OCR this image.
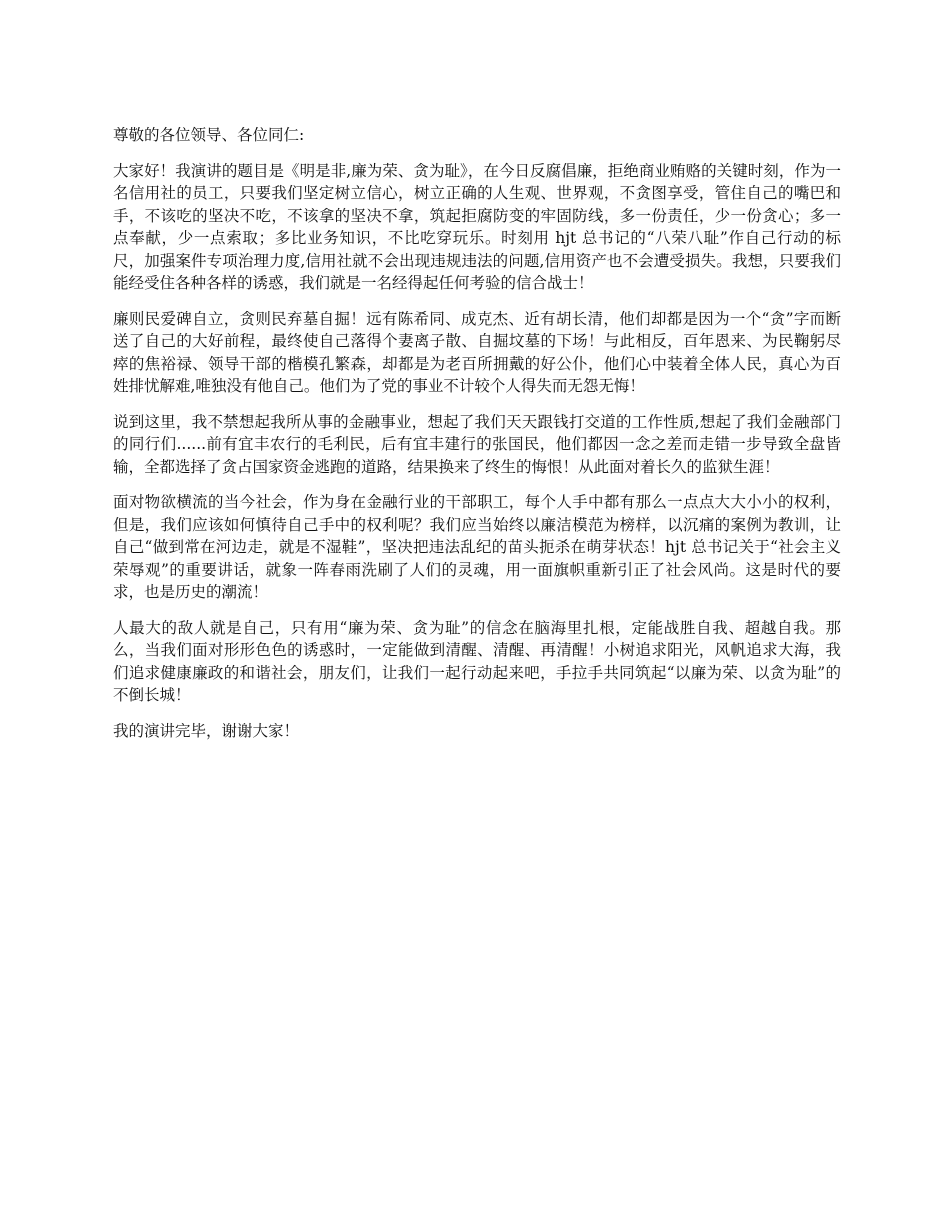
尊敬的各位领导、各位同仁:

大家好！我演讲的题目是《明是非,廉为荣、贪为耻》，在今日反腐倡廉，拒绝商业贿赂的关键时刻，作为一名信用社的员工，只要我们坚定树立信心，树立正确的人生观、世界观，不贪图享受，管住自己的嘴巴和手，不该吃的坚决不吃，不该拿的坚决不拿，筑起拒腐防变的牢固防线，多一份责任，少一份贪心；多一点奉献，少一点索取；多比业务知识，不比吃穿玩乐。时刻用 hjt 总书记的“八荣八耻”作自己行动的标尺，加强案件专项治理力度,信用社就不会出现违规违法的问题,信用资产也不会遭受损失。我想，只要我们能经受住各种各样的诱惑，我们就是一名经得起任何考验的信合战士！

廉则民爱碑自立，贪则民弃墓自掘！远有陈希同、成克杰、近有胡长清，他们却都是因为一个“贪”字而断送了自己的大好前程，最终使自己落得个妻离子散、自掘坟墓的下场！与此相反，百年恩来、为民鞠躬尽瘁的焦裕禄、领导干部的楷模孔繁森，却都是为老百所拥戴的好公仆，他们心中装着全体人民，真心为百姓排忧解难,唯独没有他自己。他们为了党的事业不计较个人得失而无怨无悔！

说到这里，我不禁想起我所从事的金融事业，想起了我们天天跟钱打交道的工作性质,想起了我们金融部门的同行们......前有宜丰农行的毛利民，后有宜丰建行的张国民，他们都因一念之差而走错一步导致全盘皆输，全都选择了贪占国家资金逃跑的道路，结果换来了终生的悔恨！从此面对着长久的监狱生涯！

面对物欲横流的当今社会，作为身在金融行业的干部职工，每个人手中都有那么一点点大大小小的权利，但是，我们应该如何慎待自己手中的权利呢？我们应当始终以廉洁模范为榜样，以沉痛的案例为教训，让自己“做到常在河边走，就是不湿鞋”，坚决把违法乱纪的苗头扼杀在萌芽状态！hjt 总书记关于“社会主义荣辱观”的重要讲话，就象一阵春雨洗刷了人们的灵魂，用一面旗帜重新引正了社会风尚。这是时代的要求，也是历史的潮流！

人最大的敌人就是自己，只有用“廉为荣、贪为耻”的信念在脑海里扎根，定能战胜自我、超越自我。那么，当我们面对形形色色的诱惑时，一定能做到清醒、清醒、再清醒！小树追求阳光，风帆追求大海，我们追求健康廉政的和谐社会，朋友们，让我们一起行动起来吧，手拉手共同筑起“以廉为荣、以贪为耻”的不倒长城！

我的演讲完毕，谢谢大家！
